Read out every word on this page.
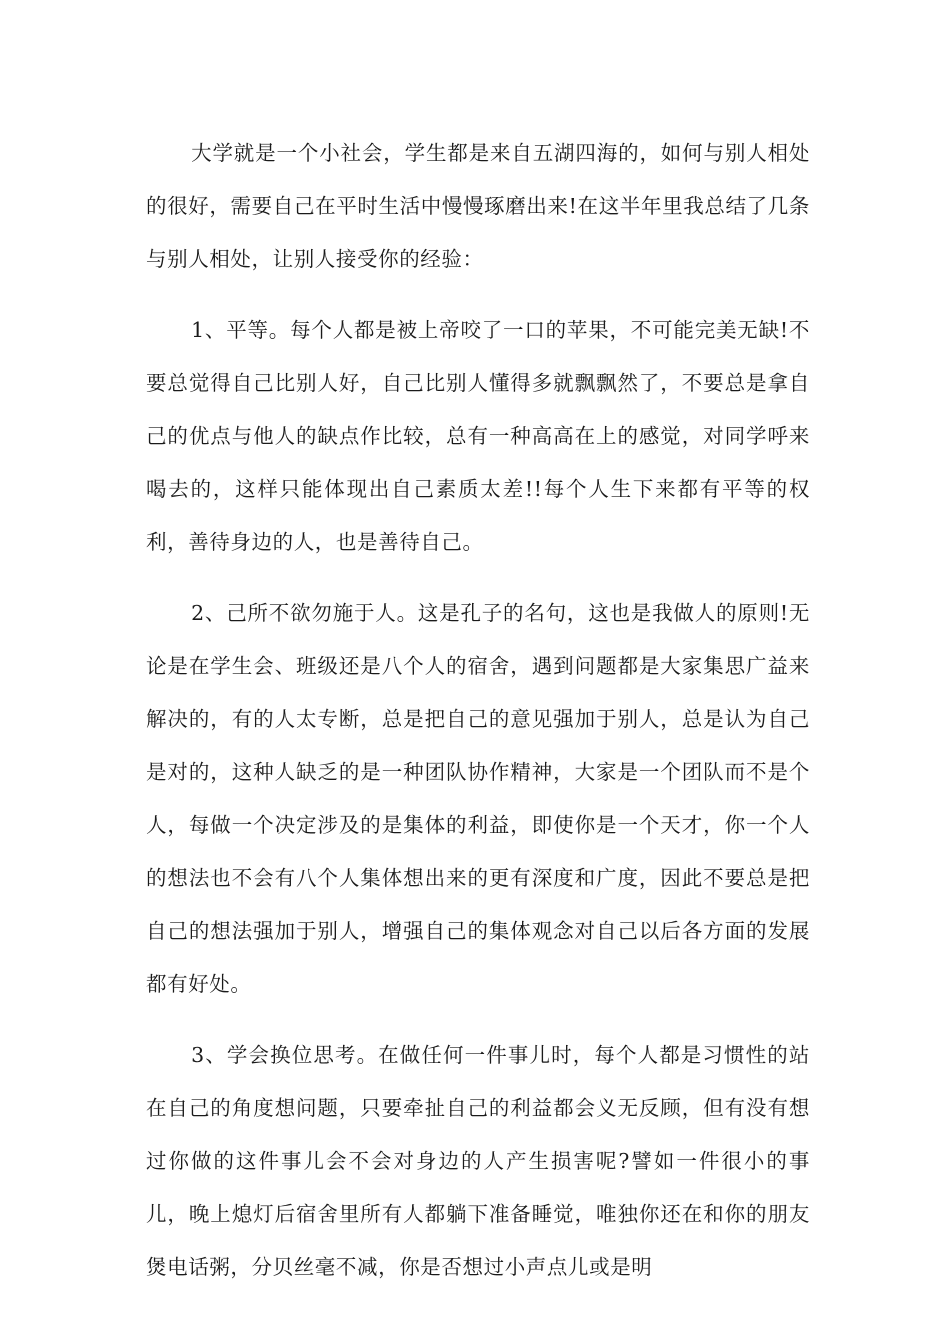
大学就是一个小社会，学生都是来自五湖四海的，如何与别人相处的很好，需要自己在平时生活中慢慢琢磨出来!在这半年里我总结了几条与别人相处，让别人接受你的经验：

1、平等。每个人都是被上帝咬了一口的苹果，不可能完美无缺!不要总觉得自己比别人好，自己比别人懂得多就飘飘然了，不要总是拿自己的优点与他人的缺点作比较，总有一种高高在上的感觉，对同学呼来喝去的，这样只能体现出自己素质太差!!每个人生下来都有平等的权利，善待身边的人，也是善待自己。

2、己所不欲勿施于人。这是孔子的名句，这也是我做人的原则!无论是在学生会、班级还是八个人的宿舍，遇到问题都是大家集思广益来解决的，有的人太专断，总是把自己的意见强加于别人，总是认为自己是对的，这种人缺乏的是一种团队协作精神，大家是一个团队而不是个人，每做一个决定涉及的是集体的利益，即使你是一个天才，你一个人的想法也不会有八个人集体想出来的更有深度和广度，因此不要总是把自己的想法强加于别人，增强自己的集体观念对自己以后各方面的发展都有好处。

3、学会换位思考。在做任何一件事儿时，每个人都是习惯性的站在自己的角度想问题，只要牵扯自己的利益都会义无反顾，但有没有想过你做的这件事儿会不会对身边的人产生损害呢?譬如一件很小的事儿，晚上熄灯后宿舍里所有人都躺下准备睡觉，唯独你还在和你的朋友煲电话粥，分贝丝毫不减，你是否想过小声点儿或是明
